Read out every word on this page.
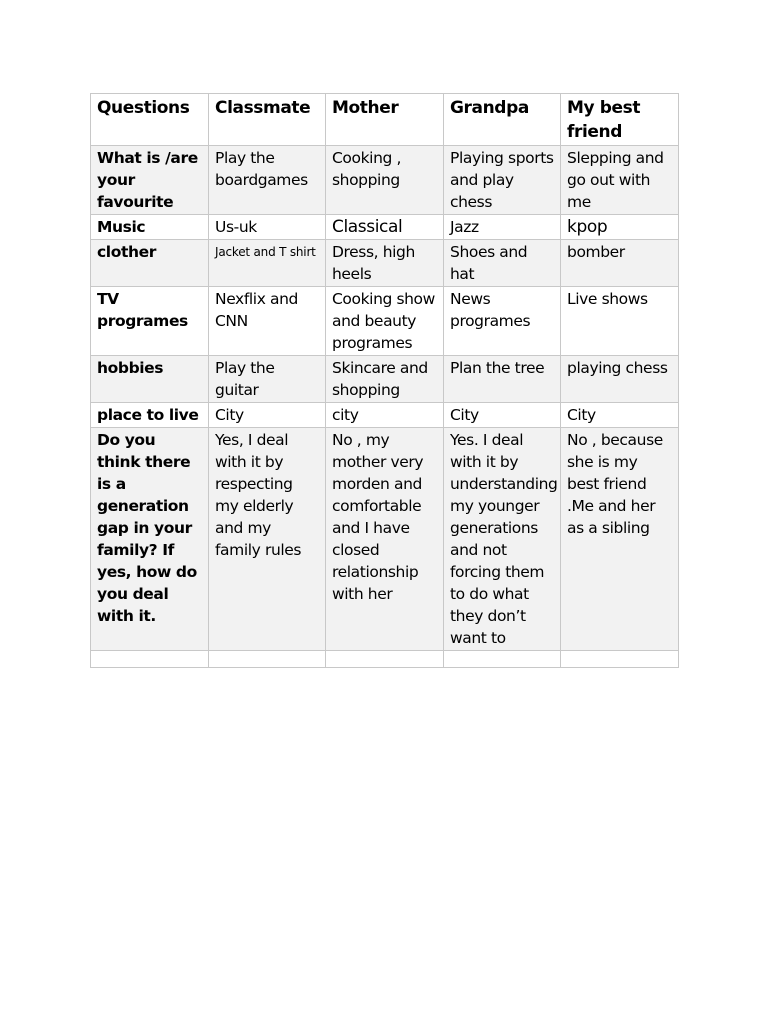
Questions	Classmate	Mother	Grandpa	My best friend
What is /are your favourite	Play the boardgames	Cooking , shopping	Playing sports and play chess	Slepping and go out with me
Music	Us-uk	Classical	Jazz	kpop
clother	Jacket and T shirt	Dress, high heels	Shoes and hat	bomber
TV programes	Nexflix and CNN	Cooking show and beauty programes	News programes	Live shows
hobbies	Play the guitar	Skincare and shopping	Plan the tree	playing chess
place to live	City	city	City	City
Do you think there is a generation gap in your family? If yes, how do you deal with it.	Yes, I deal with it by respecting my elderly and my family rules	No , my mother very morden and comfortable and I have closed relationship with her	Yes. I deal with it by understanding my younger generations and not forcing them to do what they don’t want to	No , because she is my best friend .Me and her as a sibling
